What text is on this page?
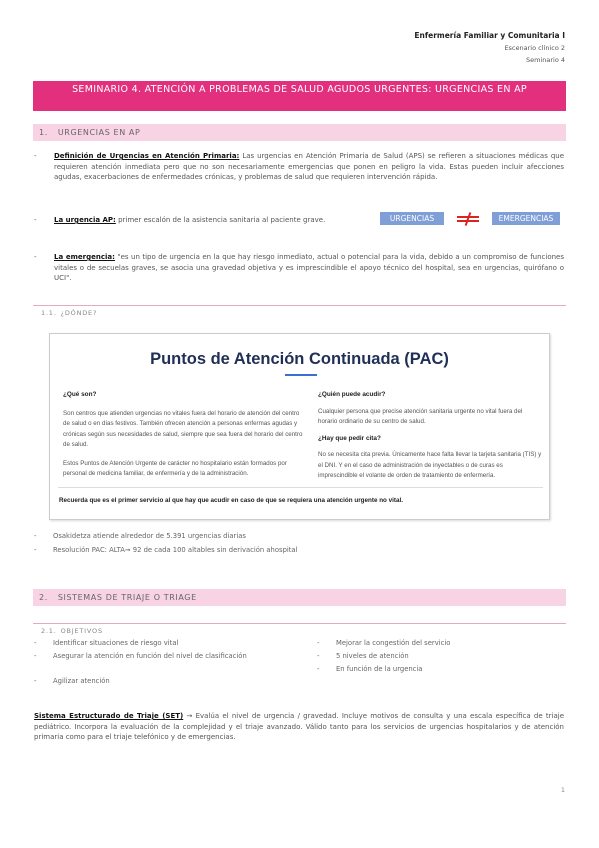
Enfermería Familiar y Comunitaria I
Escenario clínico 2
Seminario 4
SEMINARIO 4. ATENCIÓN A PROBLEMAS DE SALUD AGUDOS URGENTES: URGENCIAS EN AP
1. URGENCIAS EN AP
-	Definición de Urgencias en Atención Primaria: Las urgencias en Atención Primaria de Salud (APS) se refieren a situaciones médicas que requieren atención inmediata pero que no son necesariamente emergencias que ponen en peligro la vida. Estas pueden incluir afecciones agudas, exacerbaciones de enfermedades crónicas, y problemas de salud que requieren intervención rápida.
-	La urgencia AP: primer escalón de la asistencia sanitaria al paciente grave.	URGENCIAS	EMERGENCIAS
-	La emergencia: "es un tipo de urgencia en la que hay riesgo inmediato, actual o potencial para la vida, debido a un compromiso de funciones vitales o de secuelas graves, se asocia una gravedad objetiva y es imprescindible el apoyo técnico del hospital, sea en urgencias, quirófano o UCI".
1.1. ¿DÓNDE?
Puntos de Atención Continuada (PAC)
¿Qué son?

Son centros que atienden urgencias no vitales fuera del horario de atención del centro de salud o en días festivos. También ofrecen atención a personas enfermas agudas y crónicas según sus necesidades de salud, siempre que sea fuera del horario del centro de salud.

Estos Puntos de Atención Urgente de carácter no hospitalario están formados por personal de medicina familiar, de enfermería y de la administración.

¿Quién puede acudir?

Cualquier persona que precise atención sanitaria urgente no vital fuera del horario ordinario de su centro de salud.

¿Hay que pedir cita?

No se necesita cita previa. Únicamente hace falta llevar la tarjeta sanitaria (TIS) y el DNI. Y en el caso de administración de inyectables o de curas es imprescindible el volante de orden de tratamiento de enfermería.

Recuerda que es el primer servicio al que hay que acudir en caso de que se requiera una atención urgente no vital.
-	Osakidetza atiende alrededor de 5.391 urgencias diarias
-	Resolución PAC: ALTA➞ 92 de cada 100 altables sin derivación ahospital
2. SISTEMAS DE TRIAJE O TRIAGE
2.1. OBJETIVOS
-	Identificar situaciones de riesgo vital
-	Asegurar la atención en función del nivel de clasificación
-	Agilizar atención
-	Mejorar la congestión del servicio
-	5 niveles de atención
-	En función de la urgencia
Sistema Estructurado de Triaje (SET) → Evalúa el nivel de urgencia / gravedad. Incluye motivos de consulta y una escala específica de triaje pediátrico. Incorpora la evaluación de la complejidad y el triaje avanzado. Válido tanto para los servicios de urgencias hospitalarios y de atención primaria como para el triaje telefónico y de emergencias.
1
